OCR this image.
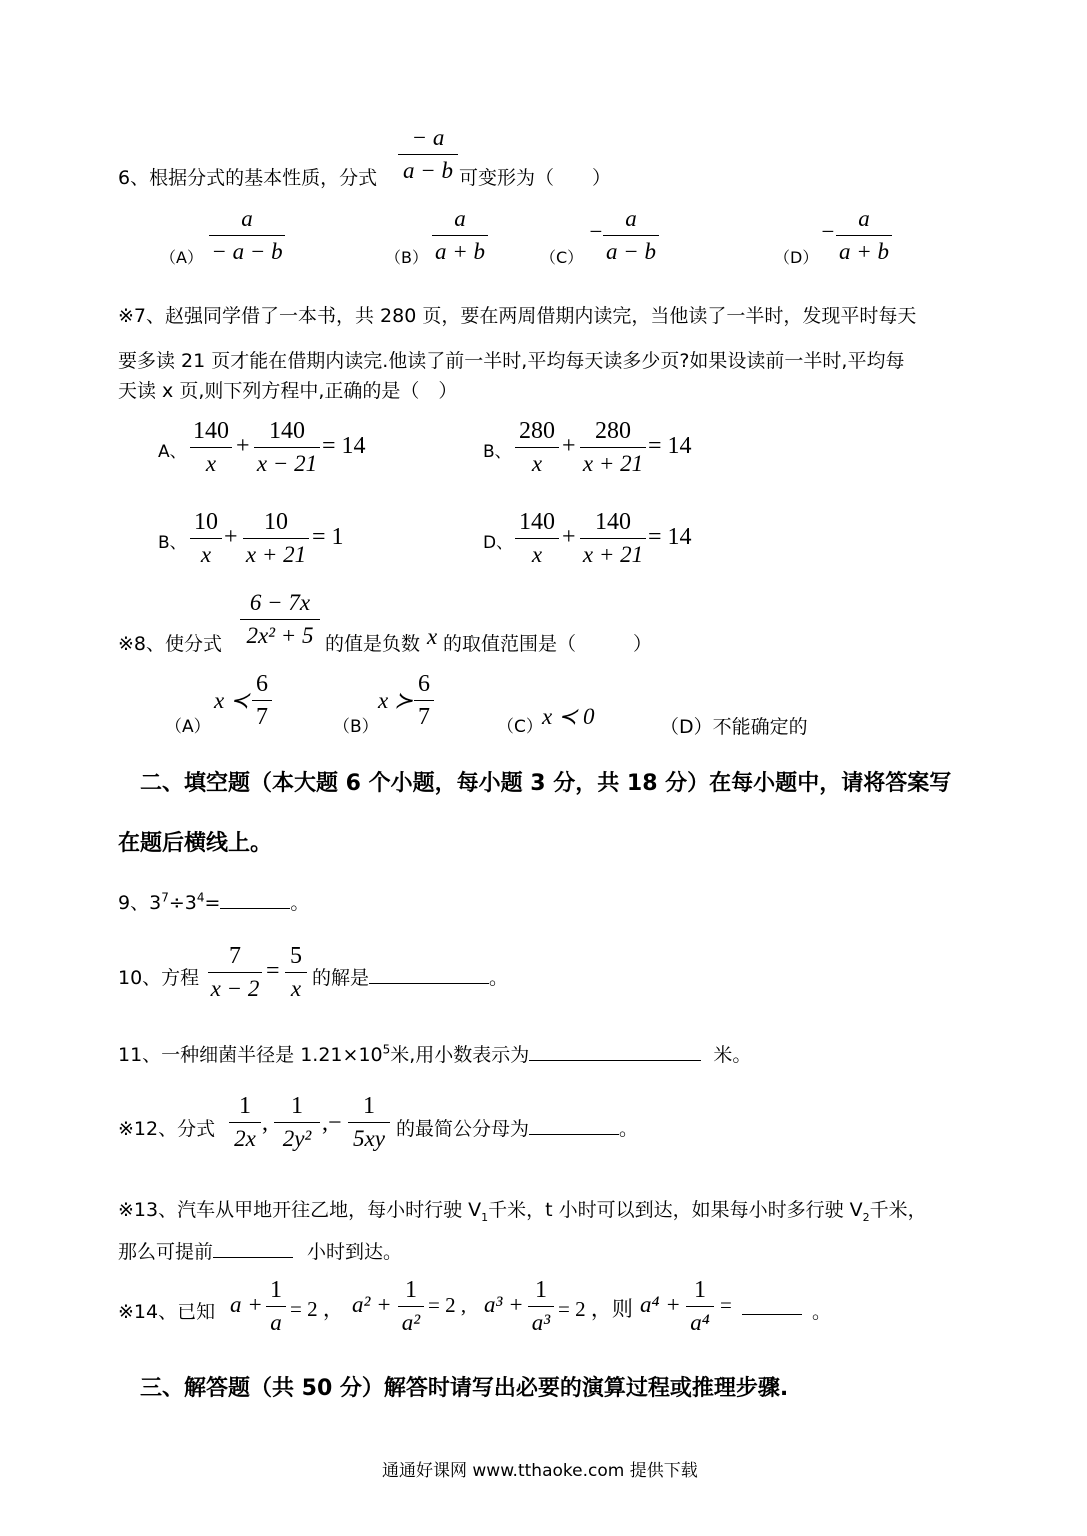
6、根据分式的基本性质，分式
− a
a − b 可变形为（　　）
（A）
a
− a − b	（B）
a
a + b	（C）
−
a
a − b	（D）
−
a
a + b
※7、赵强同学借了一本书，共 280 页，要在两周借期内读完，当他读了一半时，发现平时每天
要多读 21 页才能在借期内读完.他读了前一半时,平均每天读多少页?如果设读前一半时,平均每
天读 x 页,则下列方程中,正确的是（　）
A、
140
x
+
140
x − 21
= 14	B、
280
x
+
280
x + 21
= 14
B、
10
x
+
10
x + 21
= 1	D、
140
x
+
140
x + 21
= 14
※8、使分式
6 − 7x
2x² + 5 的值是负数 x 的取值范围是（　　　）
（A）
x ≺
6
7	（B）
x ≻
6
7	（C） x ≺ 0	（D）不能确定的
二、填空题（本大题 6 个小题，每小题 3 分，共 18 分）在每小题中，请将答案写
在题后横线上。
9、$3^7\div 3^4=$	。
10、方程
7
x − 2
=
5
x 的解是	。
11、一种细菌半径是 $1.21\times 10^5$米,用小数表示为	米。
※12、分式
1
2x
,
1
2y²
,−
1
5xy 的最简公分母为	。
※13、汽车从甲地开往乙地，每小时行驶 $V_1$千米，t 小时可以到达，如果每小时多行驶 $V_2$千米，
那么可提前	小时到达。
※14、已知 a +
1
a
= 2 ， a² +
1
a²
= 2 , a³ +
1
a³
= 2 ，则 a⁴ +
1
a⁴
=	。
三、解答题（共 50 分）解答时请写出必要的演算过程或推理步骤.
通通好课网 www.tthaoke.com 提供下载
